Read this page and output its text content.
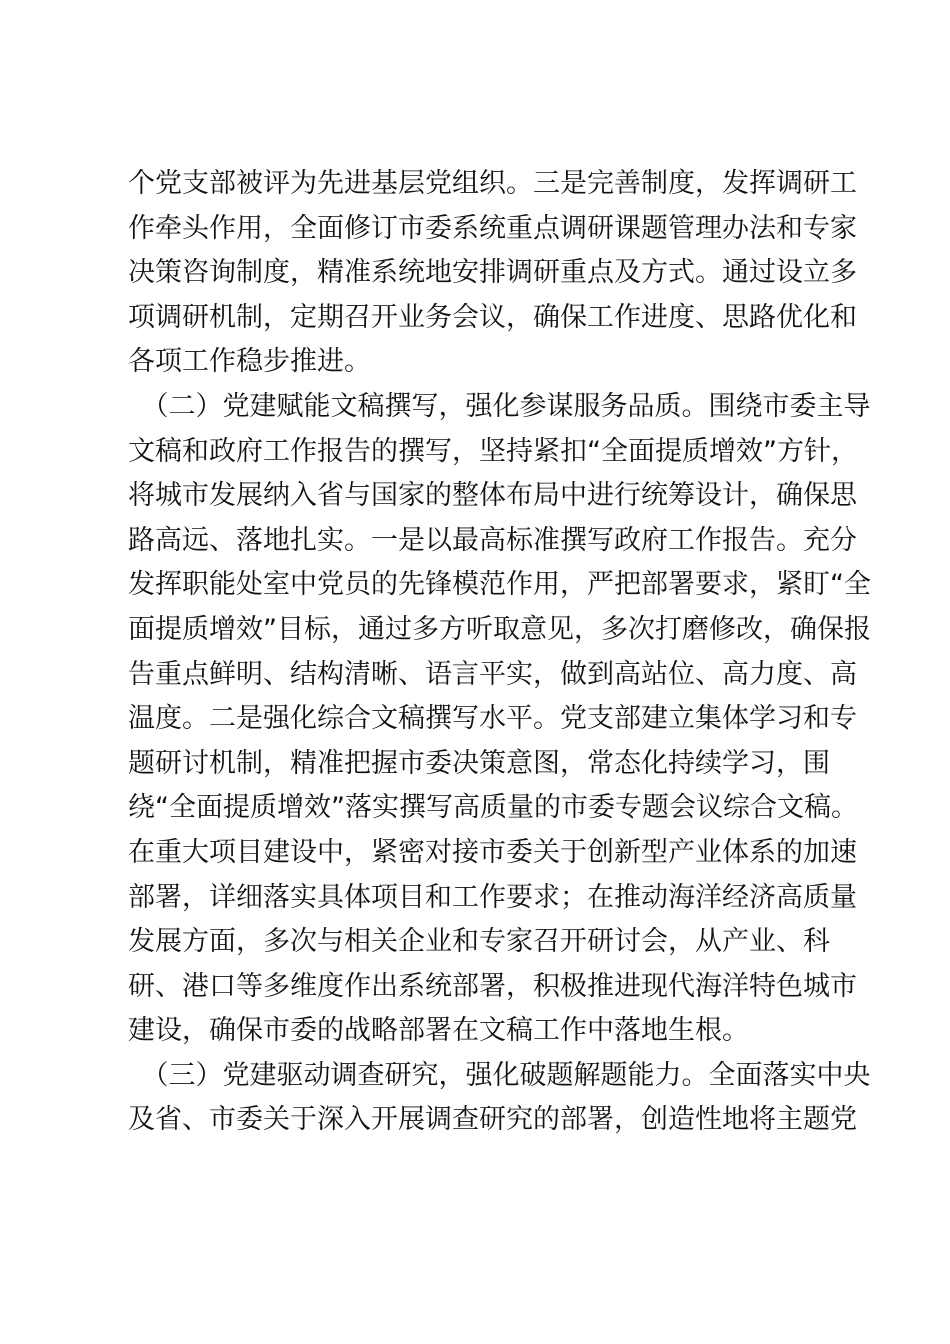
个党支部被评为先进基层党组织。三是完善制度，发挥调研工
作牵头作用，全面修订市委系统重点调研课题管理办法和专家
决策咨询制度，精准系统地安排调研重点及方式。通过设立多
项调研机制，定期召开业务会议，确保工作进度、思路优化和
各项工作稳步推进。
　（二）党建赋能文稿撰写，强化参谋服务品质。围绕市委主导
文稿和政府工作报告的撰写，坚持紧扣“全面提质增效”方针，
将城市发展纳入省与国家的整体布局中进行统筹设计，确保思
路高远、落地扎实。一是以最高标准撰写政府工作报告。充分
发挥职能处室中党员的先锋模范作用，严把部署要求，紧盯“全
面提质增效”目标，通过多方听取意见，多次打磨修改，确保报
告重点鲜明、结构清晰、语言平实，做到高站位、高力度、高
温度。二是强化综合文稿撰写水平。党支部建立集体学习和专
题研讨机制，精准把握市委决策意图，常态化持续学习，围
绕“全面提质增效”落实撰写高质量的市委专题会议综合文稿。
在重大项目建设中，紧密对接市委关于创新型产业体系的加速
部署，详细落实具体项目和工作要求；在推动海洋经济高质量
发展方面，多次与相关企业和专家召开研讨会，从产业、科
研、港口等多维度作出系统部署，积极推进现代海洋特色城市
建设，确保市委的战略部署在文稿工作中落地生根。
　（三）党建驱动调查研究，强化破题解题能力。全面落实中央
及省、市委关于深入开展调查研究的部署，创造性地将主题党
